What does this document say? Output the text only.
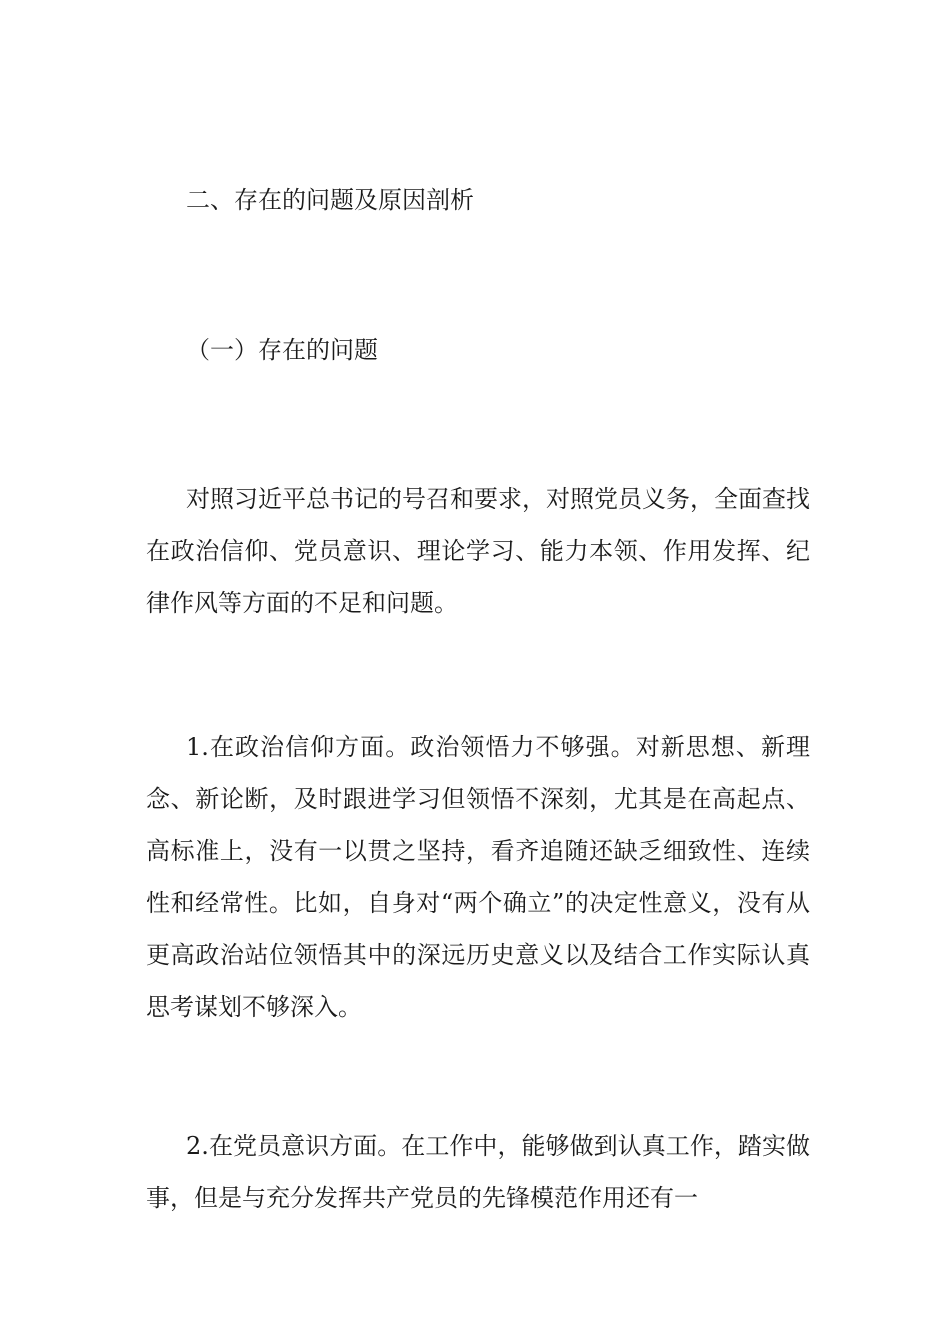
二、存在的问题及原因剖析
（一）存在的问题

对照习近平总书记的号召和要求，对照党员义务，全面查找在政治信仰、党员意识、理论学习、能力本领、作用发挥、纪律作风等方面的不足和问题。

1.在政治信仰方面。政治领悟力不够强。对新思想、新理念、新论断，及时跟进学习但领悟不深刻，尤其是在高起点、高标准上，没有一以贯之坚持，看齐追随还缺乏细致性、连续性和经常性。比如，自身对“两个确立”的决定性意义，没有从更高政治站位领悟其中的深远历史意义以及结合工作实际认真思考谋划不够深入。

2.在党员意识方面。在工作中，能够做到认真工作，踏实做事，但是与充分发挥共产党员的先锋模范作用还有一
